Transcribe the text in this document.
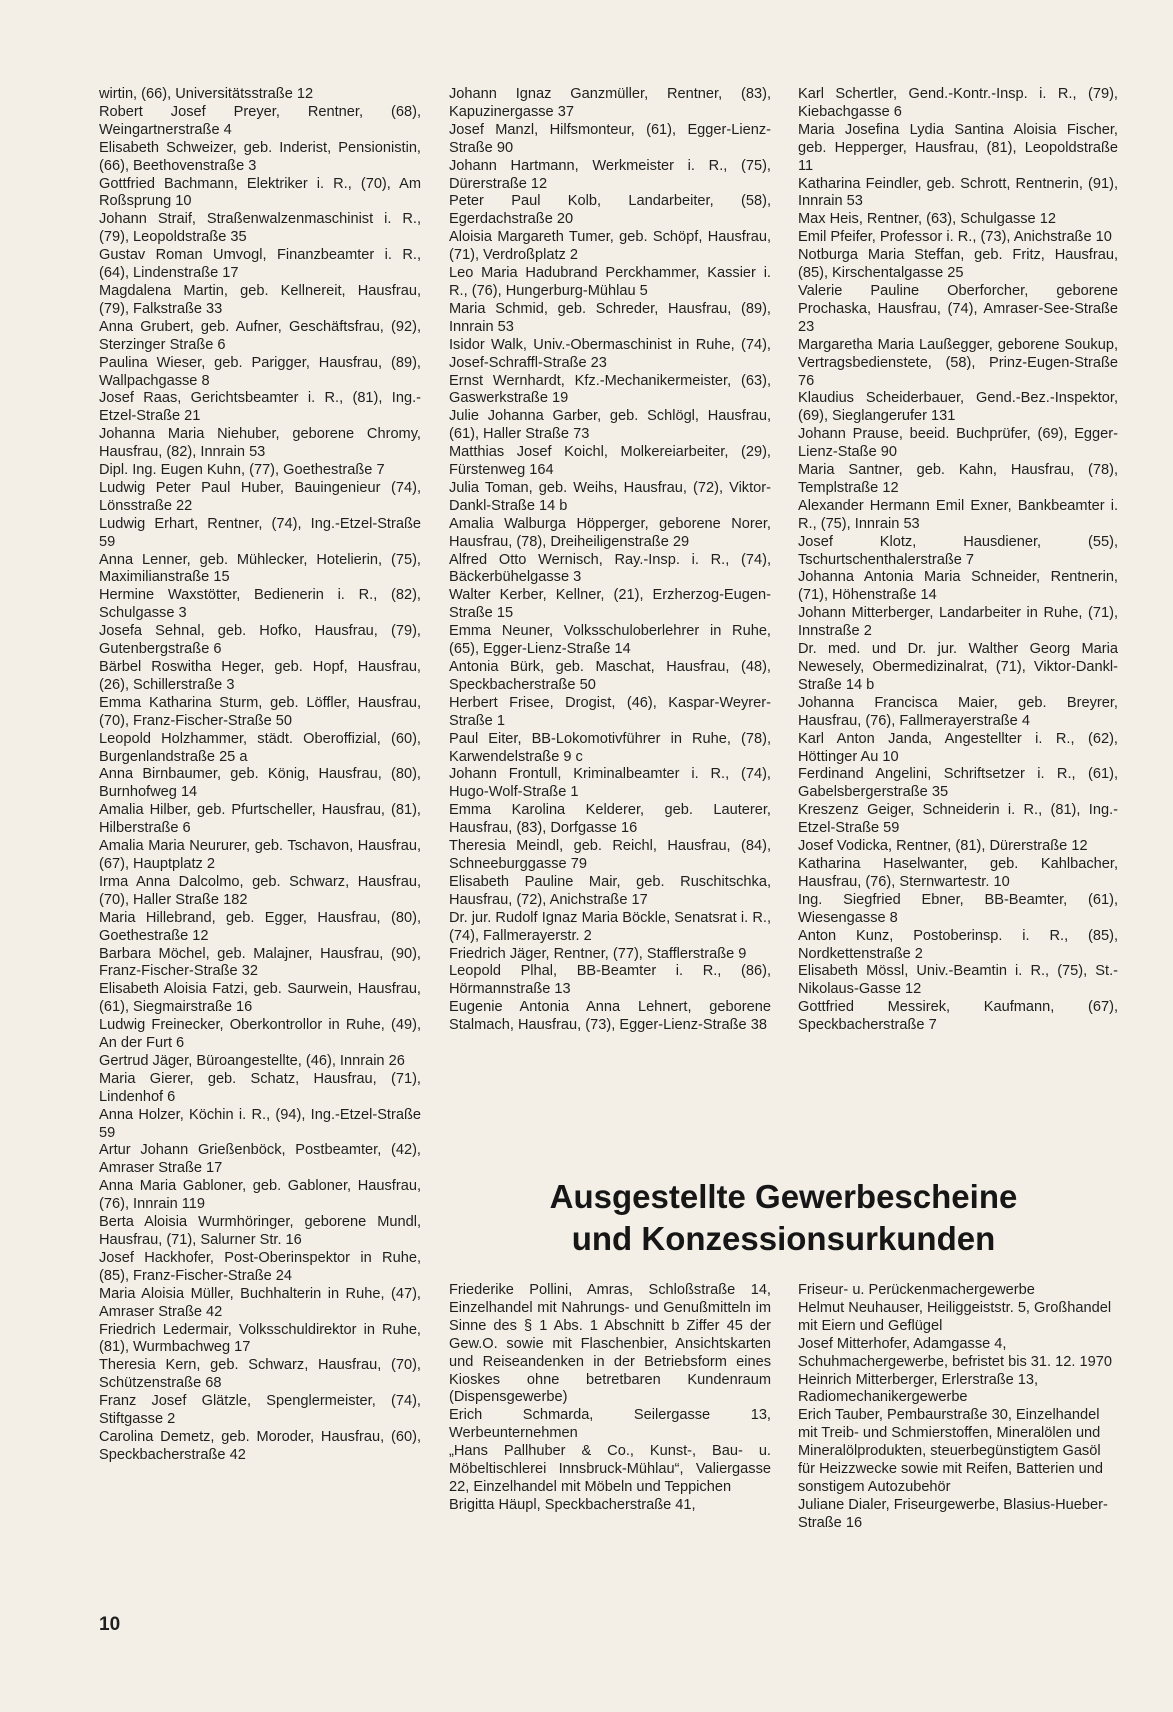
wirtin, (66), Universitätsstraße 12

Robert Josef Preyer, Rentner, (68), Weingartnerstraße 4

Elisabeth Schweizer, geb. Inderist, Pensionistin, (66), Beethovenstraße 3

Gottfried Bachmann, Elektriker i. R., (70), Am Roßsprung 10

Johann Straif, Straßenwalzenmaschinist i. R., (79), Leopoldstraße 35

Gustav Roman Umvogl, Finanzbeamter i. R., (64), Lindenstraße 17

Magdalena Martin, geb. Kellnereit, Hausfrau, (79), Falkstraße 33

Anna Grubert, geb. Aufner, Geschäftsfrau, (92), Sterzinger Straße 6

Paulina Wieser, geb. Parigger, Hausfrau, (89), Wallpachgasse 8

Josef Raas, Gerichtsbeamter i. R., (81), Ing.-Etzel-Straße 21

Johanna Maria Niehuber, geborene Chromy, Hausfrau, (82), Innrain 53

Dipl. Ing. Eugen Kuhn, (77), Goethestraße 7

Ludwig Peter Paul Huber, Bauingenieur (74), Lönsstraße 22

Ludwig Erhart, Rentner, (74), Ing.-Etzel-Straße 59

Anna Lenner, geb. Mühlecker, Hotelierin, (75), Maximilianstraße 15

Hermine Waxstötter, Bedienerin i. R., (82), Schulgasse 3

Josefa Sehnal, geb. Hofko, Hausfrau, (79), Gutenbergstraße 6

Bärbel Roswitha Heger, geb. Hopf, Hausfrau, (26), Schillerstraße 3

Emma Katharina Sturm, geb. Löffler, Hausfrau, (70), Franz-Fischer-Straße 50

Leopold Holzhammer, städt. Oberoffizial, (60), Burgenlandstraße 25 a

Anna Birnbaumer, geb. König, Hausfrau, (80), Burnhofweg 14

Amalia Hilber, geb. Pfurtscheller, Hausfrau, (81), Hilberstraße 6

Amalia Maria Neururer, geb. Tschavon, Hausfrau, (67), Hauptplatz 2

Irma Anna Dalcolmo, geb. Schwarz, Hausfrau, (70), Haller Straße 182

Maria Hillebrand, geb. Egger, Hausfrau, (80), Goethestraße 12

Barbara Möchel, geb. Malajner, Hausfrau, (90), Franz-Fischer-Straße 32

Elisabeth Aloisia Fatzi, geb. Saurwein, Hausfrau, (61), Siegmairstraße 16

Ludwig Freinecker, Oberkontrollor in Ruhe, (49), An der Furt 6

Gertrud Jäger, Büroangestellte, (46), Innrain 26

Maria Gierer, geb. Schatz, Hausfrau, (71), Lindenhof 6

Anna Holzer, Köchin i. R., (94), Ing.-Etzel-Straße 59

Artur Johann Grießenböck, Postbeamter, (42), Amraser Straße 17

Anna Maria Gabloner, geb. Gabloner, Hausfrau, (76), Innrain 119

Berta Aloisia Wurmhöringer, geborene Mundl, Hausfrau, (71), Salurner Str. 16

Josef Hackhofer, Post-Oberinspektor in Ruhe, (85), Franz-Fischer-Straße 24

Maria Aloisia Müller, Buchhalterin in Ruhe, (47), Amraser Straße 42

Friedrich Ledermair, Volksschuldirektor in Ruhe, (81), Wurmbachweg 17

Theresia Kern, geb. Schwarz, Hausfrau, (70), Schützenstraße 68

Franz Josef Glätzle, Spenglermeister, (74), Stiftgasse 2

Carolina Demetz, geb. Moroder, Hausfrau, (60), Speckbacherstraße 42

Johann Ignaz Ganzmüller, Rentner, (83), Kapuzinergasse 37

Josef Manzl, Hilfsmonteur, (61), Egger-Lienz-Straße 90

Johann Hartmann, Werkmeister i. R., (75), Dürerstraße 12

Peter Paul Kolb, Landarbeiter, (58), Egerdachstraße 20

Aloisia Margareth Tumer, geb. Schöpf, Hausfrau, (71), Verdroßplatz 2

Leo Maria Hadubrand Perckhammer, Kassier i. R., (76), Hungerburg-Mühlau 5

Maria Schmid, geb. Schreder, Hausfrau, (89), Innrain 53

Isidor Walk, Univ.-Obermaschinist in Ruhe, (74), Josef-Schraffl-Straße 23

Ernst Wernhardt, Kfz.-Mechanikermeister, (63), Gaswerkstraße 19

Julie Johanna Garber, geb. Schlögl, Hausfrau, (61), Haller Straße 73

Matthias Josef Koichl, Molkereiarbeiter, (29), Fürstenweg 164

Julia Toman, geb. Weihs, Hausfrau, (72), Viktor-Dankl-Straße 14 b

Amalia Walburga Höpperger, geborene Norer, Hausfrau, (78), Dreiheiligenstraße 29

Alfred Otto Wernisch, Ray.-Insp. i. R., (74), Bäckerbühelgasse 3

Walter Kerber, Kellner, (21), Erzherzog-Eugen-Straße 15

Emma Neuner, Volksschuloberlehrer in Ruhe, (65), Egger-Lienz-Straße 14

Antonia Bürk, geb. Maschat, Hausfrau, (48), Speckbacherstraße 50

Herbert Frisee, Drogist, (46), Kaspar-Weyrer-Straße 1

Paul Eiter, BB-Lokomotivführer in Ruhe, (78), Karwendelstraße 9 c

Johann Frontull, Kriminalbeamter i. R., (74), Hugo-Wolf-Straße 1

Emma Karolina Kelderer, geb. Lauterer, Hausfrau, (83), Dorfgasse 16

Theresia Meindl, geb. Reichl, Hausfrau, (84), Schneeburggasse 79

Elisabeth Pauline Mair, geb. Ruschitschka, Hausfrau, (72), Anichstraße 17

Dr. jur. Rudolf Ignaz Maria Böckle, Senatsrat i. R., (74), Fallmerayerstr. 2

Friedrich Jäger, Rentner, (77), Stafflerstraße 9

Leopold Plhal, BB-Beamter i. R., (86), Hörmannstraße 13

Eugenie Antonia Anna Lehnert, geborene Stalmach, Hausfrau, (73), Egger-Lienz-Straße 38

Karl Schertler, Gend.-Kontr.-Insp. i. R., (79), Kiebachgasse 6

Maria Josefina Lydia Santina Aloisia Fischer, geb. Hepperger, Hausfrau, (81), Leopoldstraße 11

Katharina Feindler, geb. Schrott, Rentnerin, (91), Innrain 53

Max Heis, Rentner, (63), Schulgasse 12

Emil Pfeifer, Professor i. R., (73), Anichstraße 10

Notburga Maria Steffan, geb. Fritz, Hausfrau, (85), Kirschentalgasse 25

Valerie Pauline Oberforcher, geborene Prochaska, Hausfrau, (74), Amraser-See-Straße 23

Margaretha Maria Laußegger, geborene Soukup, Vertragsbedienstete, (58), Prinz-Eugen-Straße 76

Klaudius Scheiderbauer, Gend.-Bez.-Inspektor, (69), Sieglangerufer 131

Johann Prause, beeid. Buchprüfer, (69), Egger-Lienz-Staße 90

Maria Santner, geb. Kahn, Hausfrau, (78), Templstraße 12

Alexander Hermann Emil Exner, Bankbeamter i. R., (75), Innrain 53

Josef Klotz, Hausdiener, (55), Tschurtschenthalerstraße 7

Johanna Antonia Maria Schneider, Rentnerin, (71), Höhenstraße 14

Johann Mitterberger, Landarbeiter in Ruhe, (71), Innstraße 2

Dr. med. und Dr. jur. Walther Georg Maria Newesely, Obermedizinalrat, (71), Viktor-Dankl-Straße 14 b

Johanna Francisca Maier, geb. Breyrer, Hausfrau, (76), Fallmerayerstraße 4

Karl Anton Janda, Angestellter i. R., (62), Höttinger Au 10

Ferdinand Angelini, Schriftsetzer i. R., (61), Gabelsbergerstraße 35

Kreszenz Geiger, Schneiderin i. R., (81), Ing.-Etzel-Straße 59

Josef Vodicka, Rentner, (81), Dürerstraße 12

Katharina Haselwanter, geb. Kahlbacher, Hausfrau, (76), Sternwartestr. 10

Ing. Siegfried Ebner, BB-Beamter, (61), Wiesengasse 8

Anton Kunz, Postoberinsp. i. R., (85), Nordkettenstraße 2

Elisabeth Mössl, Univ.-Beamtin i. R., (75), St.-Nikolaus-Gasse 12

Gottfried Messirek, Kaufmann, (67), Speckbacherstraße 7

Ausgestellte Gewerbescheine
und Konzessionsurkunden

Friederike Pollini, Amras, Schloßstraße 14, Einzelhandel mit Nahrungs- und Genußmitteln im Sinne des § 1 Abs. 1 Abschnitt b Ziffer 45 der Gew.O. sowie mit Flaschenbier, Ansichtskarten und Reiseandenken in der Betriebsform eines Kioskes ohne betretbaren Kundenraum (Dispensgewerbe)

Erich Schmarda, Seilergasse 13, Werbeunternehmen

„Hans Pallhuber & Co., Kunst-, Bau- u. Möbeltischlerei Innsbruck-Mühlau“, Valiergasse 22, Einzelhandel mit Möbeln und Teppichen

Brigitta Häupl, Speckbacherstraße 41,

Friseur- u. Perückenmachergewerbe

Helmut Neuhauser, Heiliggeiststr. 5, Großhandel mit Eiern und Geflügel

Josef Mitterhofer, Adamgasse 4, Schuhmachergewerbe, befristet bis 31. 12. 1970

Heinrich Mitterberger, Erlerstraße 13, Radiomechanikergewerbe

Erich Tauber, Pembaurstraße 30, Einzelhandel mit Treib- und Schmierstoffen, Mineralölen und Mineralölprodukten, steuerbegünstigtem Gasöl für Heizzwecke sowie mit Reifen, Batterien und sonstigem Autozubehör

Juliane Dialer, Friseurgewerbe, Blasius-Hueber-Straße 16

10
